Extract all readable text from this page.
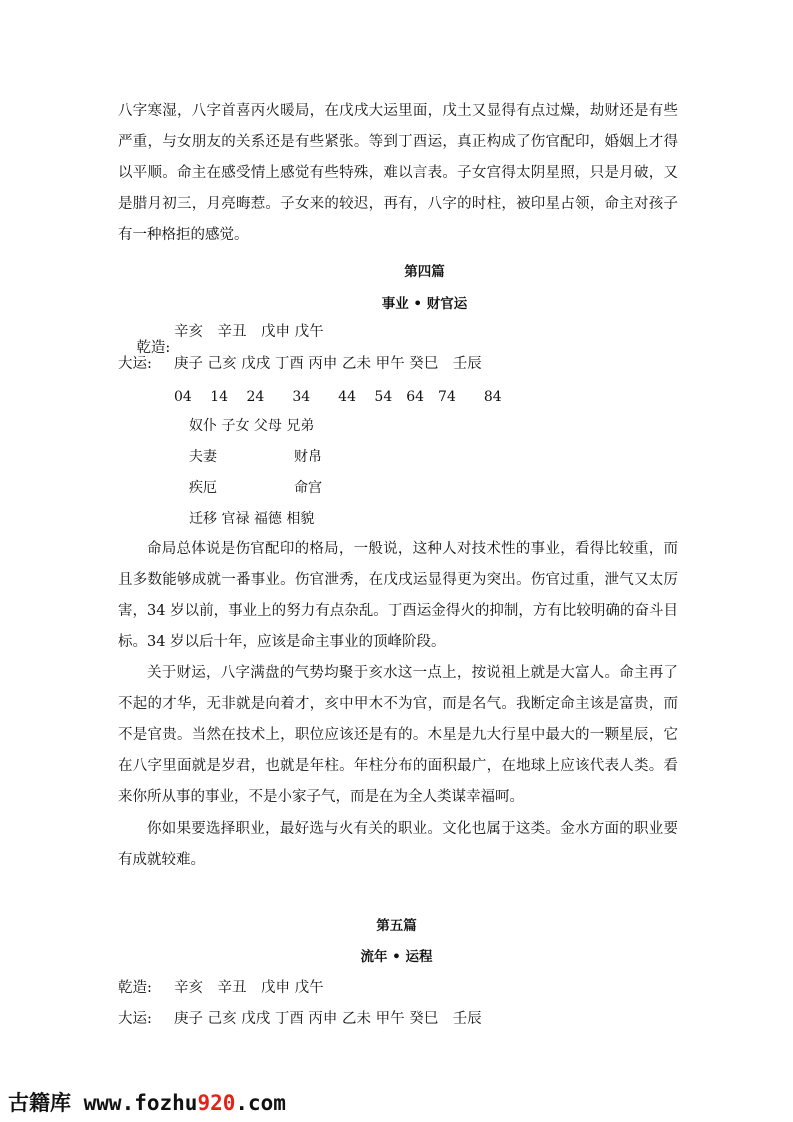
八字寒湿，八字首喜丙火暖局，在戊戌大运里面，戊土又显得有点过燥，劫财还是有些严重，与女朋友的关系还是有些紧张。等到丁酉运，真正构成了伤官配印，婚姻上才得以平顺。命主在感受情上感觉有些特殊，难以言表。子女宫得太阴星照，只是月破，又是腊月初三，月亮晦惹。子女来的较迟，再有，八字的时柱，被印星占领，命主对孩子有一种格拒的感觉。

第四篇
事业 • 财官运

乾造:

辛亥　辛丑　戊申 戊午
大运: 庚子 己亥 戊戌 丁酉 丙申 乙未 甲午 癸巳　壬辰
04　 14　 24　　34　　44　 54　64　74　　84
奴仆 子女 父母 兄弟
夫妻	财帛
疾厄	命宫
迁移 官禄 福德 相貌

命局总体说是伤官配印的格局，一般说，这种人对技术性的事业，看得比较重，而且多数能够成就一番事业。伤官泄秀，在戊戌运显得更为突出。伤官过重，泄气又太厉害，34 岁以前，事业上的努力有点杂乱。丁酉运金得火的抑制，方有比较明确的奋斗目标。34 岁以后十年，应该是命主事业的顶峰阶段。

关于财运，八字满盘的气势均聚于亥水这一点上，按说祖上就是大富人。命主再了不起的才华，无非就是向着才，亥中甲木不为官，而是名气。我断定命主该是富贵，而不是官贵。当然在技术上，职位应该还是有的。木星是九大行星中最大的一颗星辰，它在八字里面就是岁君，也就是年柱。年柱分布的面积最广，在地球上应该代表人类。看来你所从事的事业，不是小家子气，而是在为全人类谋幸福呵。

你如果要选择职业，最好选与火有关的职业。文化也属于这类。金水方面的职业要有成就较难。

第五篇
流年 • 运程
乾造: 辛亥　辛丑　戊申 戊午
大运: 庚子 己亥 戊戌 丁酉 丙申 乙未 甲午 癸巳　壬辰
古籍库 www.fozhu920.com
